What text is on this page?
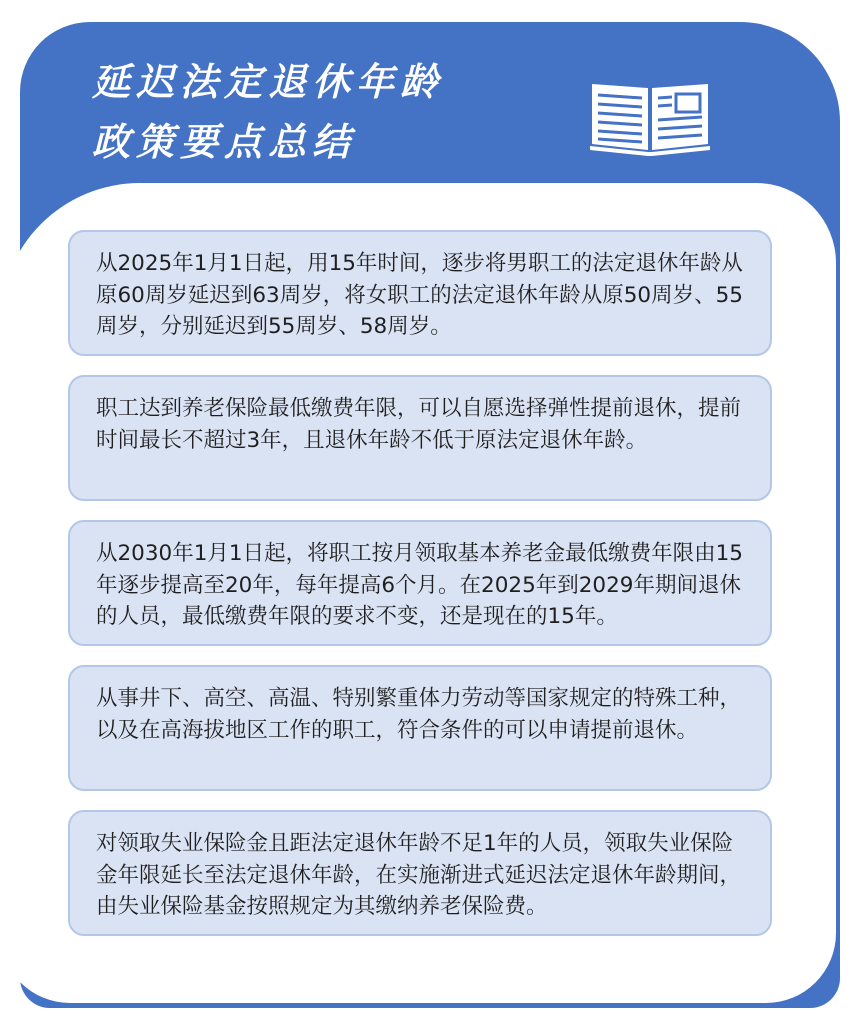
延迟法定退休年龄
政策要点总结
从2025年1月1日起，用15年时间，逐步将男职工的法定退休年龄从原60周岁延迟到63周岁，将女职工的法定退休年龄从原50周岁、55周岁，分别延迟到55周岁、58周岁。
职工达到养老保险最低缴费年限，可以自愿选择弹性提前退休，提前时间最长不超过3年，且退休年龄不低于原法定退休年龄。
从2030年1月1日起，将职工按月领取基本养老金最低缴费年限由15年逐步提高至20年，每年提高6个月。在2025年到2029年期间退休的人员，最低缴费年限的要求不变，还是现在的15年。
从事井下、高空、高温、特别繁重体力劳动等国家规定的特殊工种，以及在高海拔地区工作的职工，符合条件的可以申请提前退休。
对领取失业保险金且距法定退休年龄不足1年的人员，领取失业保险金年限延长至法定退休年龄，在实施渐进式延迟法定退休年龄期间，由失业保险基金按照规定为其缴纳养老保险费。
